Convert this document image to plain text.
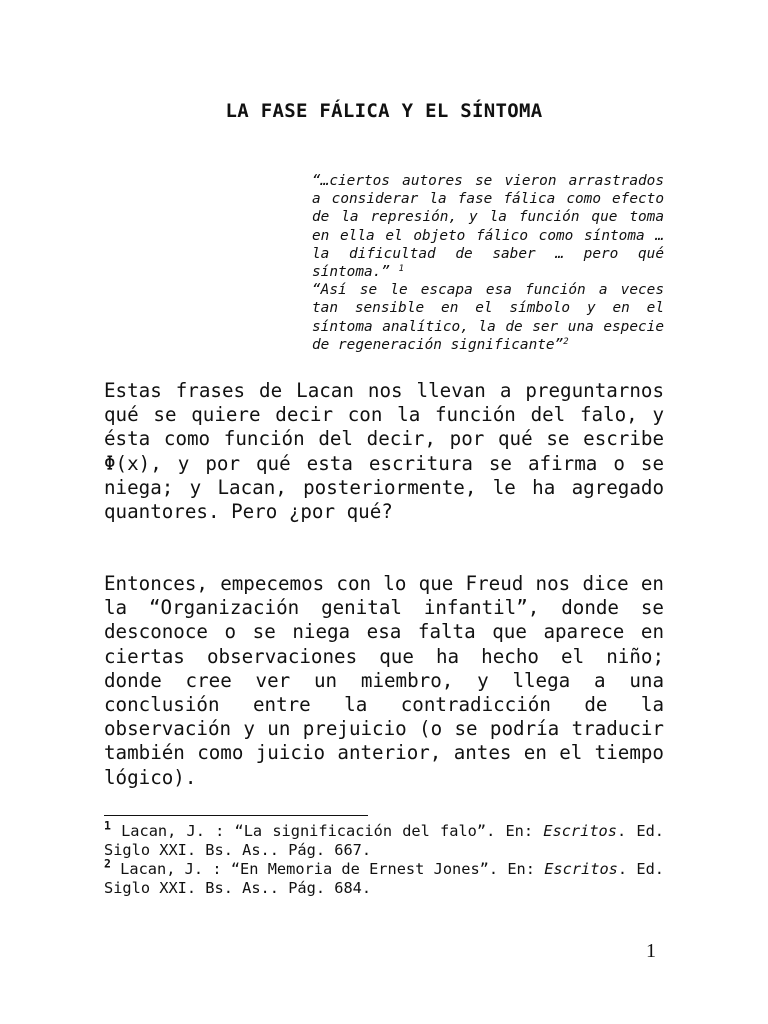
LA FASE FÁLICA Y EL SÍNTOMA

“…ciertos autores se vieron arrastrados a considerar la fase fálica como efecto de la represión, y la función que toma en ella el objeto fálico como síntoma … la dificultad de saber … pero qué síntoma.” $^1$

“Así se le escapa esa función a veces tan sensible en el símbolo y en el síntoma analítico, la de ser una especie de regeneración significante”$^2$

Estas frases de Lacan nos llevan a preguntarnos qué se quiere decir con la función del falo, y ésta como función del decir, por qué se escribe Φ(x), y por qué esta escritura se afirma o se niega; y Lacan, posteriormente, le ha agregado quantores. Pero ¿por qué?

Entonces, empecemos con lo que Freud nos dice en la “Organización genital infantil”, donde se desconoce o se niega esa falta que aparece en ciertas observaciones que ha hecho el niño; donde cree ver un miembro, y llega a una conclusión entre la contradicción de la observación y un prejuicio (o se podría traducir también como juicio anterior, antes en el tiempo lógico).

$^1$ Lacan, J. : “La significación del falo”. En: Escritos. Ed. Siglo XXI. Bs. As.. Pág. 667.

$^2$ Lacan, J. : “En Memoria de Ernest Jones”. En: Escritos. Ed. Siglo XXI. Bs. As.. Pág. 684.

1
